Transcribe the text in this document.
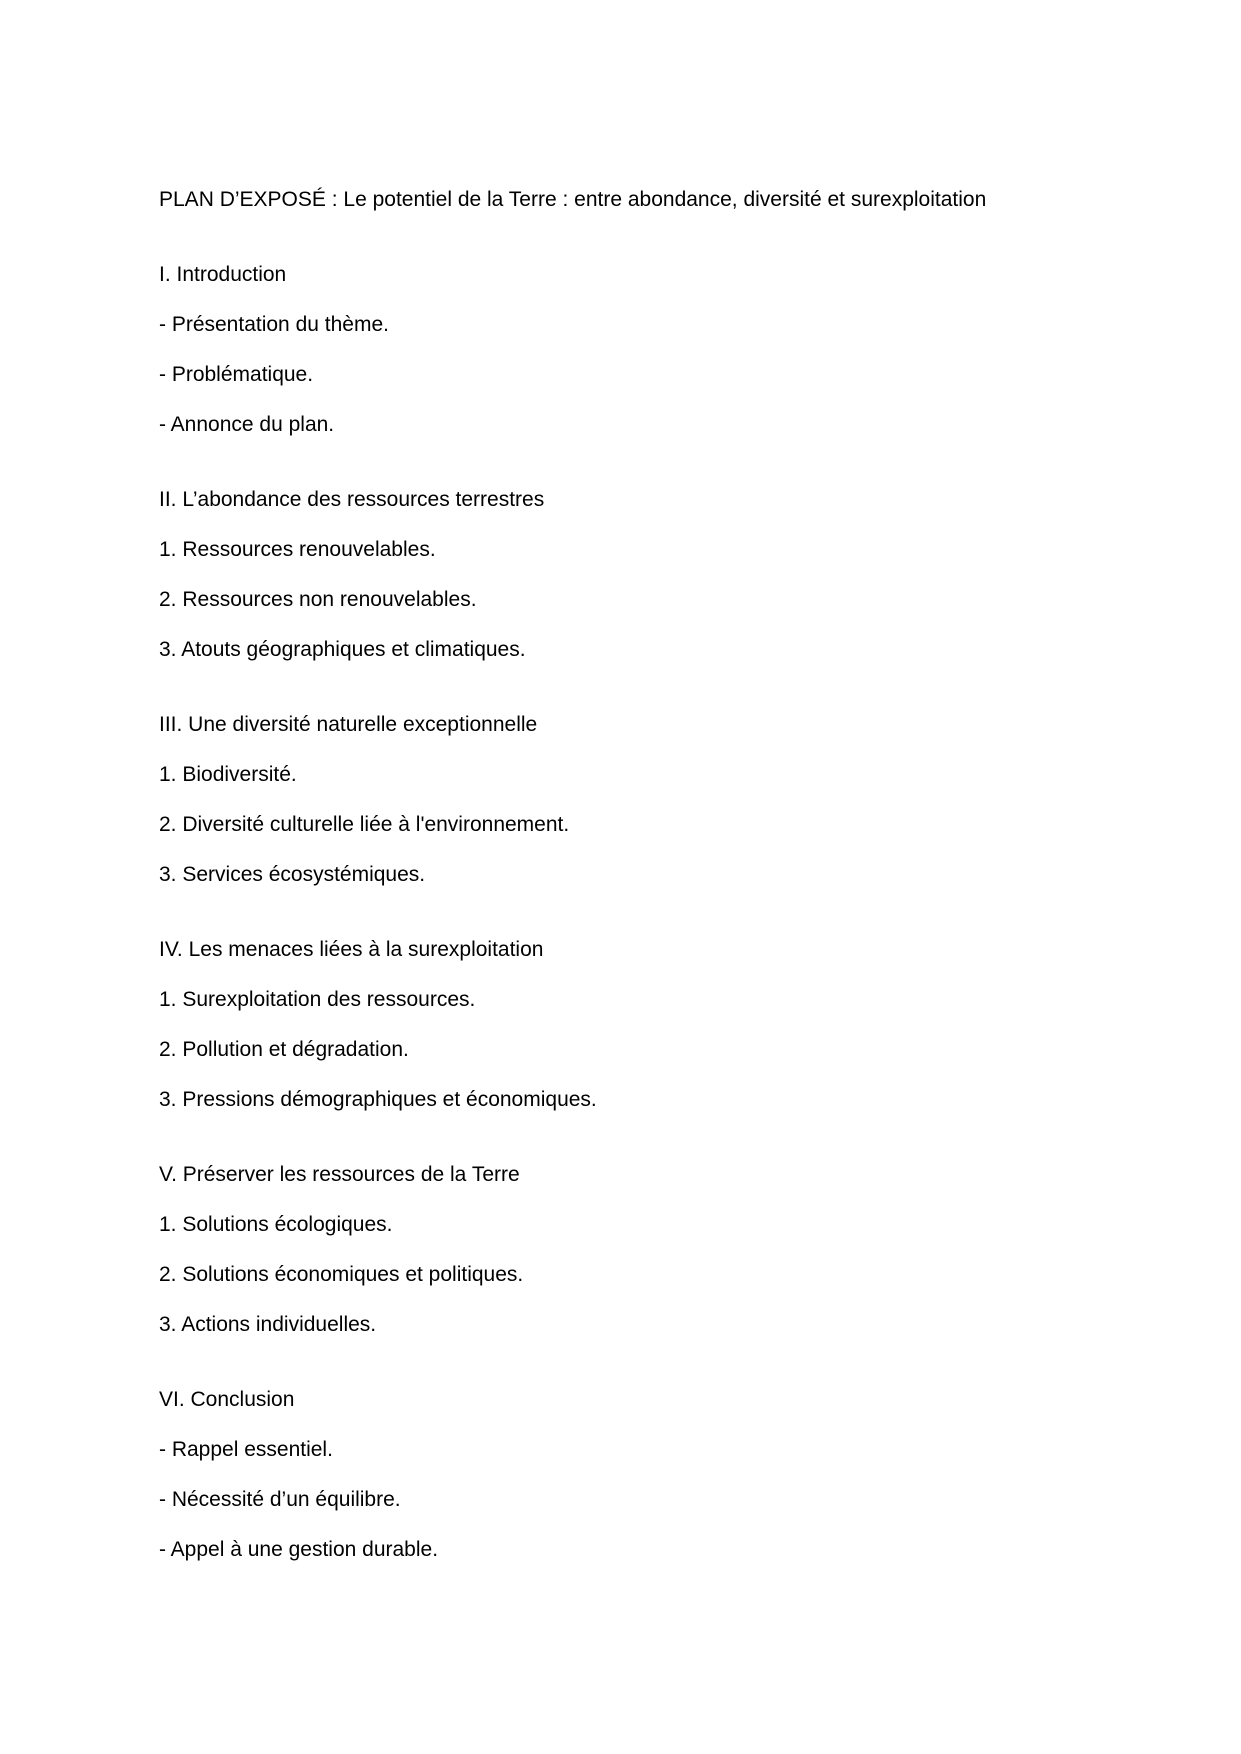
PLAN D’EXPOSÉ : Le potentiel de la Terre : entre abondance, diversité et surexploitation

I. Introduction

- Présentation du thème.

- Problématique.

- Annonce du plan.

II. L’abondance des ressources terrestres

1. Ressources renouvelables.

2. Ressources non renouvelables.

3. Atouts géographiques et climatiques.

III. Une diversité naturelle exceptionnelle

1. Biodiversité.

2. Diversité culturelle liée à l'environnement.

3. Services écosystémiques.

IV. Les menaces liées à la surexploitation

1. Surexploitation des ressources.

2. Pollution et dégradation.

3. Pressions démographiques et économiques.

V. Préserver les ressources de la Terre

1. Solutions écologiques.

2. Solutions économiques et politiques.

3. Actions individuelles.

VI. Conclusion

- Rappel essentiel.

- Nécessité d’un équilibre.

- Appel à une gestion durable.
